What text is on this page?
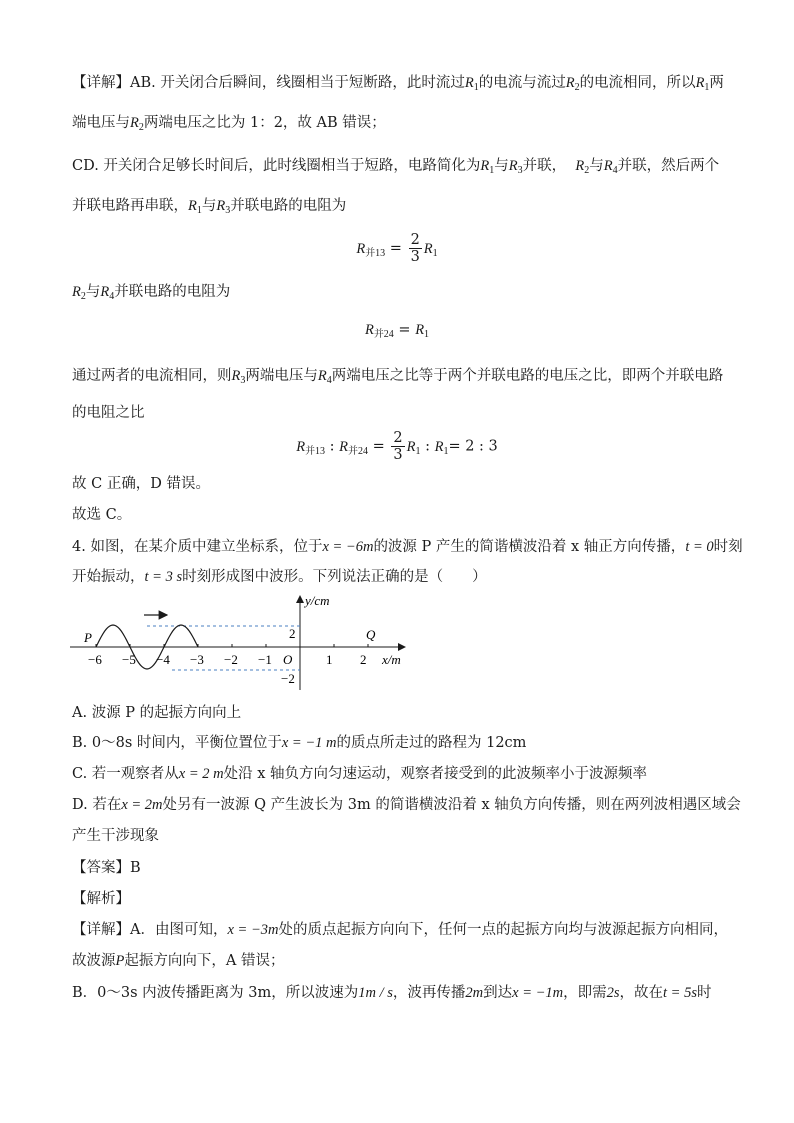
【详解】AB. 开关闭合后瞬间，线圈相当于短断路，此时流过$R_1$的电流与流过$R_2$的电流相同，所以$R_1$两
端电压与$R_2$两端电压之比为 1：2，故 AB 错误；
CD. 开关闭合足够长时间后，此时线圈相当于短路，电路简化为$R_1$与$R_3$并联， $R_2$与$R_4$并联，然后两个
并联电路再串联，$R_1$与$R_3$并联电路的电阻为
$R_{并13} = \frac{2}{3} R_1$
$R_2$与$R_4$并联电路的电阻为
$R_{并24} = R_1$
通过两者的电流相同，则$R_3$两端电压与$R_4$两端电压之比等于两个并联电路的电压之比，即两个并联电路
的电阻之比
$R_{并13}$ : $R_{并24} = \frac{2}{3} R_1$ : $R_1= 2$ : 3
故 C 正确，D 错误。
故选 C。
4. 如图，在某介质中建立坐标系，位于x = −6m的波源 P 产生的简谐横波沿着 x 轴正方向传播，t = 0时刻
开始振动，t = 3 s时刻形成图中波形。下列说法正确的是（　　）
y/cm
x/m
O
P	Q
2
−2
−6 −5 −4 −3 −2 −1	1 2
A. 波源 P 的起振方向向上
B. 0～8s 时间内，平衡位置位于x = −1 m的质点所走过的路程为 12cm
C. 若一观察者从x = 2 m处沿 x 轴负方向匀速运动，观察者接受到的此波频率小于波源频率
D. 若在x = 2m处另有一波源 Q 产生波长为 3m 的简谐横波沿着 x 轴负方向传播，则在两列波相遇区域会
产生干涉现象
【答案】B
【解析】
【详解】A．由图可知，x = −3m处的质点起振方向向下，任何一点的起振方向均与波源起振方向相同，
故波源P起振方向向下，A 错误；
B．0～3s 内波传播距离为 3m，所以波速为1m / s，波再传播2m到达x = −1m，即需2s，故在t = 5s时
